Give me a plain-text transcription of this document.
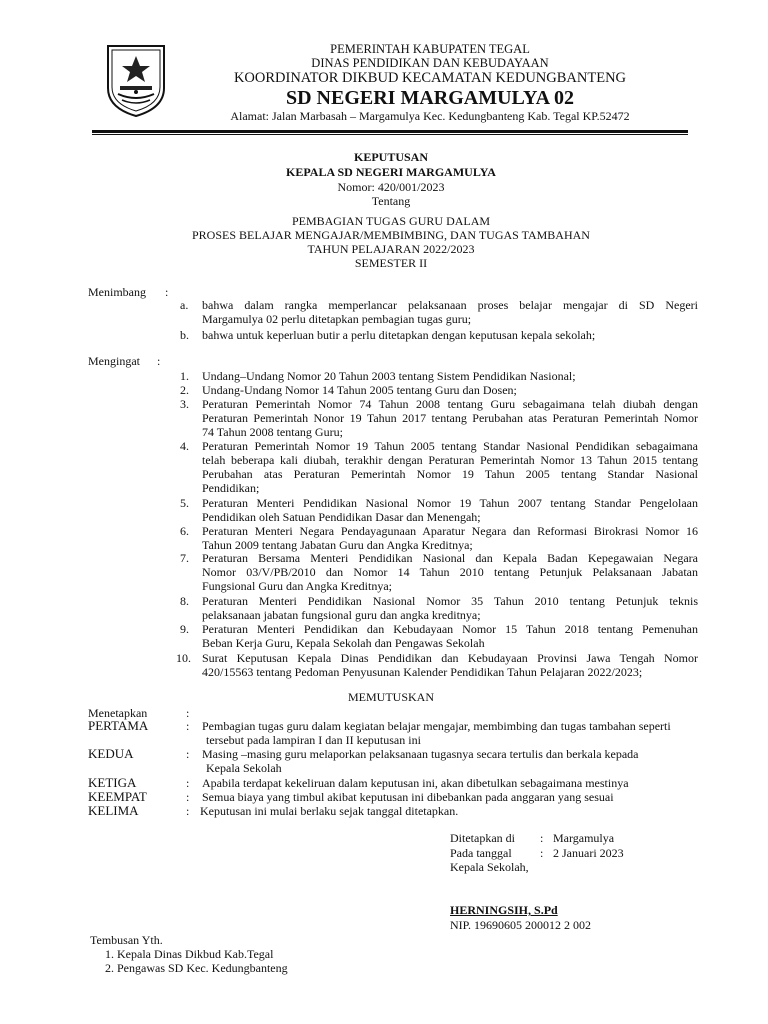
PEMERINTAH KABUPATEN TEGAL
DINAS PENDIDIKAN DAN KEBUDAYAAN
KOORDINATOR DIKBUD KECAMATAN KEDUNGBANTENG
SD NEGERI MARGAMULYA 02
Alamat: Jalan Marbasah – Margamulya Kec. Kedungbanteng Kab. Tegal KP.52472
KEPUTUSAN
KEPALA SD NEGERI MARGAMULYA
Nomor: 420/001/2023
Tentang
PEMBAGIAN TUGAS GURU DALAM
PROSES BELAJAR MENGAJAR/MEMBIMBING, DAN TUGAS TAMBAHAN
TAHUN PELAJARAN 2022/2023
SEMESTER II
Menimbang :
a.	bahwa dalam rangka memperlancar pelaksanaan proses belajar mengajar di SD Negeri
Margamulya 02 perlu ditetapkan pembagian tugas guru;
b.	bahwa untuk keperluan butir a perlu ditetapkan dengan keputusan kepala sekolah;
Mengingat :
1.	Undang–Undang Nomor 20 Tahun 2003 tentang Sistem Pendidikan Nasional;
2.	Undang-Undang Nomor 14 Tahun 2005 tentang Guru dan Dosen;
3.	Peraturan Pemerintah Nomor 74 Tahun 2008 tentang Guru sebagaimana telah diubah dengan
Peraturan Pemerintah Nonor 19 Tahun 2017 tentang Perubahan atas Peraturan Pemerintah Nomor
74 Tahun 2008 tentang Guru;
4.	Peraturan Pemerintah Nomor 19 Tahun 2005 tentang Standar Nasional Pendidikan sebagaimana
telah beberapa kali diubah, terakhir dengan Peraturan Pemerintah Nomor 13 Tahun 2015 tentang
Perubahan atas Peraturan Pemerintah Nomor 19 Tahun 2005 tentang Standar Nasional
Pendidikan;
5.	Peraturan Menteri Pendidikan Nasional Nomor 19 Tahun 2007 tentang Standar Pengelolaan
Pendidikan oleh Satuan Pendidikan Dasar dan Menengah;
6.	Peraturan Menteri Negara Pendayagunaan Aparatur Negara dan Reformasi Birokrasi Nomor 16
Tahun 2009 tentang Jabatan Guru dan Angka Kreditnya;
7.	Peraturan Bersama Menteri Pendidikan Nasional dan Kepala Badan Kepegawaian Negara
Nomor 03/V/PB/2010 dan Nomor 14 Tahun 2010 tentang Petunjuk Pelaksanaan Jabatan
Fungsional Guru dan Angka Kreditnya;
8.	Peraturan Menteri Pendidikan Nasional Nomor 35 Tahun 2010 tentang Petunjuk teknis
pelaksanaan jabatan fungsional guru dan angka kreditnya;
9.	Peraturan Menteri Pendidikan dan Kebudayaan Nomor 15 Tahun 2018 tentang Pemenuhan
Beban Kerja Guru, Kepala Sekolah dan Pengawas Sekolah
10. Surat Keputusan Kepala Dinas Pendidikan dan Kebudayaan Provinsi Jawa Tengah Nomor
420/15563 tentang Pedoman Penyusunan Kalender Pendidikan Tahun Pelajaran 2022/2023;
MEMUTUSKAN
Menetapkan	:
PERTAMA	: Pembagian tugas guru dalam kegiatan belajar mengajar, membimbing dan tugas tambahan seperti
tersebut pada lampiran I dan II keputusan ini
KEDUA	: Masing –masing guru melaporkan pelaksanaan tugasnya secara tertulis dan berkala kepada
Kepala Sekolah
KETIGA	: Apabila terdapat kekeliruan dalam keputusan ini, akan dibetulkan sebagaimana mestinya
KEEMPAT	: Semua biaya yang timbul akibat keputusan ini dibebankan pada anggaran yang sesuai
KELIMA	: Keputusan ini mulai berlaku sejak tanggal ditetapkan.
Ditetapkan di : Margamulya
Pada tanggal : 2 Januari 2023
Kepala Sekolah,
HERNINGSIH, S.Pd
NIP. 19690605 200012 2 002
Tembusan Yth.
1. Kepala Dinas Dikbud Kab.Tegal
2. Pengawas SD Kec. Kedungbanteng
